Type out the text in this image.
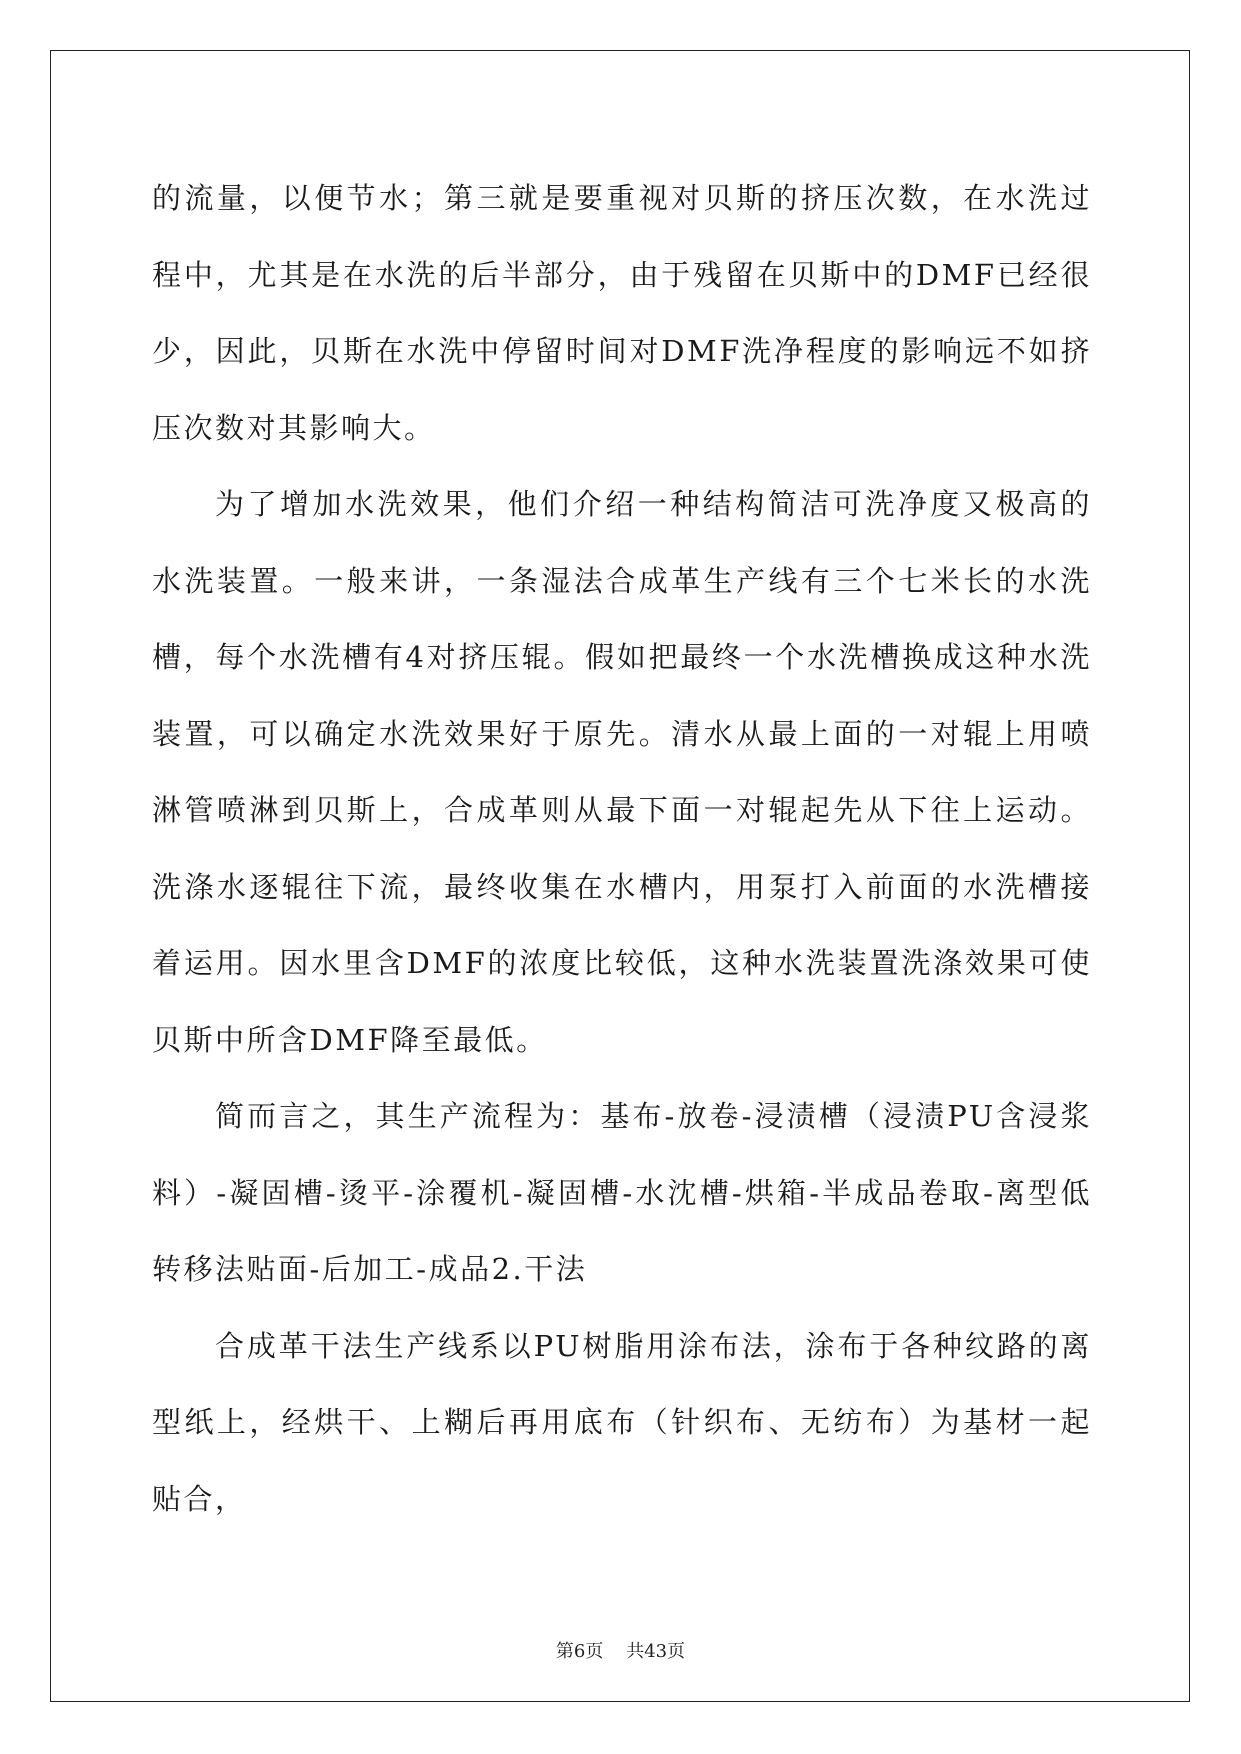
的流量，以便节水；第三就是要重视对贝斯的挤压次数，在水洗过程中，尤其是在水洗的后半部分，由于残留在贝斯中的DMF已经很少，因此，贝斯在水洗中停留时间对DMF洗净程度的影响远不如挤压次数对其影响大。

为了增加水洗效果，他们介绍一种结构简洁可洗净度又极高的水洗装置。一般来讲，一条湿法合成革生产线有三个七米长的水洗槽，每个水洗槽有4对挤压辊。假如把最终一个水洗槽换成这种水洗装置，可以确定水洗效果好于原先。清水从最上面的一对辊上用喷淋管喷淋到贝斯上，合成革则从最下面一对辊起先从下往上运动。洗涤水逐辊往下流，最终收集在水槽内，用泵打入前面的水洗槽接着运用。因水里含DMF的浓度比较低，这种水洗装置洗涤效果可使贝斯中所含DMF降至最低。

简而言之，其生产流程为：基布-放卷-浸渍槽（浸渍PU含浸浆料）-凝固槽-烫平-涂覆机-凝固槽-水沈槽-烘箱-半成品卷取-离型低转移法贴面-后加工-成品2.干法

合成革干法生产线系以PU树脂用涂布法，涂布于各种纹路的离型纸上，经烘干、上糊后再用底布（针织布、无纺布）为基材一起贴合，

第6页 共43页
